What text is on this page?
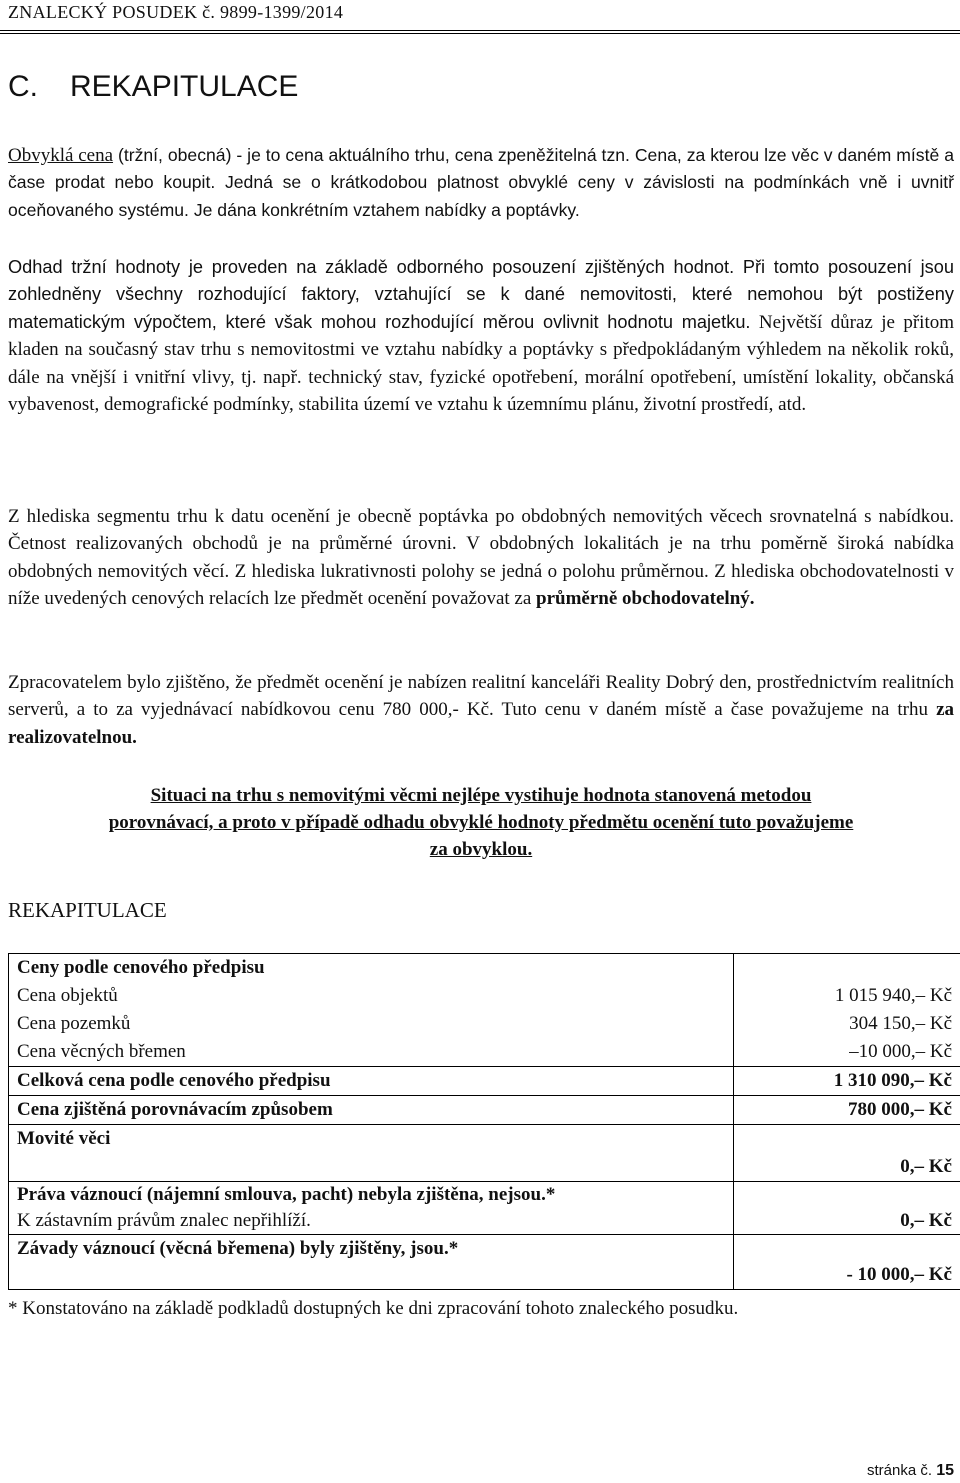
ZNALECKÝ POSUDEK č. 9899-1399/2014
C. REKAPITULACE
Obvyklá cena (tržní, obecná) - je to cena aktuálního trhu, cena zpeněžitelná tzn. Cena, za kterou lze věc v daném místě a čase prodat nebo koupit. Jedná se o krátkodobou platnost obvyklé ceny v závislosti na podmínkách vně i uvnitř oceňovaného systému. Je dána konkrétním vztahem nabídky a poptávky.
Odhad tržní hodnoty je proveden na základě odborného posouzení zjištěných hodnot. Při tomto posouzení jsou zohledněny všechny rozhodující faktory, vztahující se k dané nemovitosti, které nemohou být postiženy matematickým výpočtem, které však mohou rozhodující měrou ovlivnit hodnotu majetku. Největší důraz je přitom kladen na současný stav trhu s nemovitostmi ve vztahu nabídky a poptávky s předpokládaným výhledem na několik roků, dále na vnější i vnitřní vlivy, tj. např. technický stav, fyzické opotřebení, morální opotřebení, umístění lokality, občanská vybavenost, demografické podmínky, stabilita území ve vztahu k územnímu plánu, životní prostředí, atd.
Z hlediska segmentu trhu k datu ocenění je obecně poptávka po obdobných nemovitých věcech srovnatelná s nabídkou. Četnost realizovaných obchodů je na průměrné úrovni. V obdobných lokalitách je na trhu poměrně široká nabídka obdobných nemovitých věcí. Z hlediska lukrativnosti polohy se jedná o polohu průměrnou. Z hlediska obchodovatelnosti v níže uvedených cenových relacích lze předmět ocenění považovat za průměrně obchodovatelný.
Zpracovatelem bylo zjištěno, že předmět ocenění je nabízen realitní kanceláři Reality Dobrý den, prostřednictvím realitních serverů, a to za vyjednávací nabídkovou cenu 780 000,- Kč. Tuto cenu v daném místě a čase považujeme na trhu za realizovatelnou.
Situaci na trhu s nemovitými věcmi nejlépe vystihuje hodnota stanovená metodou
porovnávací, a proto v případě odhadu obvyklé hodnoty předmětu ocenění tuto považujeme
za obvyklou.
REKAPITULACE
Ceny podle cenového předpisu	
Cena objektů	1 015 940,– Kč
Cena pozemků	304 150,– Kč
Cena věcných břemen	–10 000,– Kč
Celková cena podle cenového předpisu	1 310 090,– Kč
Cena zjištěná porovnávacím způsobem	780 000,– Kč
Movité věci	0,– Kč

Práva váznoucí (nájemní smlouva, pacht) nebyla zjištěna, nejsou.*
K zástavním právům znalec nepřihlíží.	0,– Kč
Závady váznoucí (věcná břemena) byly zjištěny, jsou.*	- 10 000,– Kč
* Konstatováno na základě podkladů dostupných ke dni zpracování tohoto znaleckého posudku.
stránka č. 15
